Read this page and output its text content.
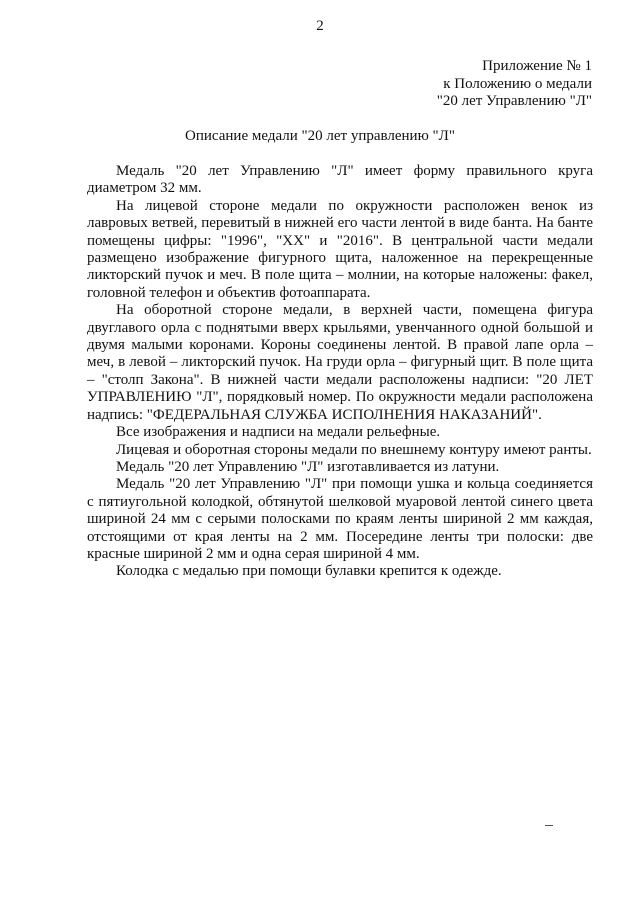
2
Приложение № 1
к Положению о медали
"20 лет Управлению "Л"
Описание медали "20 лет управлению "Л"

Медаль "20 лет Управлению "Л" имеет форму правильного круга диаметром 32 мм.

На лицевой стороне медали по окружности расположен венок из лавровых ветвей, перевитый в нижней его части лентой в виде банта. На банте помещены цифры: "1996", "XX" и "2016". В центральной части медали размещено изображение фигурного щита, наложенное на перекрещенные ликторский пучок и меч. В поле щита – молнии, на которые наложены: факел, головной телефон и объектив фотоаппарата.

На оборотной стороне медали, в верхней части, помещена фигура двуглавого орла с поднятыми вверх крыльями, увенчанного одной большой и двумя малыми коронами. Короны соединены лентой. В правой лапе орла – меч, в левой – ликторский пучок. На груди орла – фигурный щит. В поле щита – "столп Закона". В нижней части медали расположены надписи: "20 ЛЕТ УПРАВЛЕНИЮ "Л", порядковый номер. По окружности медали расположена надпись: "ФЕДЕРАЛЬНАЯ СЛУЖБА ИСПОЛНЕНИЯ НАКАЗАНИЙ".

Все изображения и надписи на медали рельефные.

Лицевая и оборотная стороны медали по внешнему контуру имеют ранты.

Медаль "20 лет Управлению "Л" изготавливается из латуни.

Медаль "20 лет Управлению "Л" при помощи ушка и кольца соединяется с пятиугольной колодкой, обтянутой шелковой муаровой лентой синего цвета шириной 24 мм с серыми полосками по краям ленты шириной 2 мм каждая, отстоящими от края ленты на 2 мм. Посередине ленты три полоски: две красные шириной 2 мм и одна серая шириной 4 мм.

Колодка с медалью при помощи булавки крепится к одежде.
